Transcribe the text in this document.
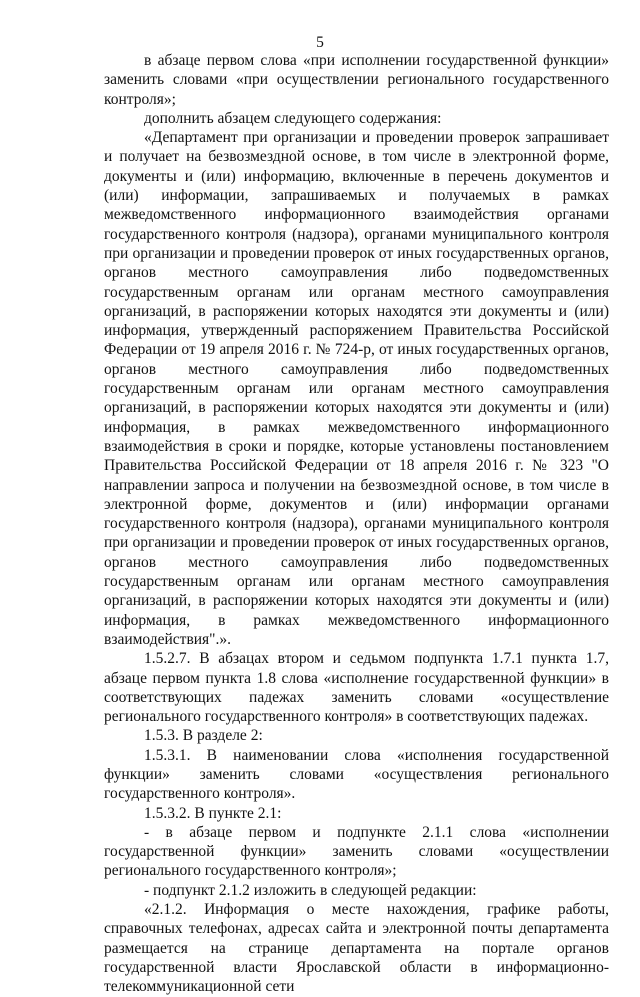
5

в абзаце первом слова «при исполнении государственной функции» заменить словами «при осуществлении регионального государственного контроля»;

дополнить абзацем следующего содержания:

«Департамент при организации и проведении проверок запрашивает и получает на безвозмездной основе, в том числе в электронной форме, документы и (или) информацию, включенные в перечень документов и (или) информации, запрашиваемых и получаемых в рамках межведомственного информационного взаимодействия органами государственного контроля (надзора), органами муниципального контроля при организации и проведении проверок от иных государственных органов, органов местного самоуправления либо подведомственных государственным органам или органам местного самоуправления организаций, в распоряжении которых находятся эти документы и (или) информация, утвержденный распоряжением Правительства Российской Федерации от 19 апреля 2016 г. № 724-р, от иных государственных органов, органов местного самоуправления либо подведомственных государственным органам или органам местного самоуправления организаций, в распоряжении которых находятся эти документы и (или) информация, в рамках межведомственного информационного взаимодействия в сроки и порядке, которые установлены постановлением Правительства Российской Федерации от 18 апреля 2016 г. № 323 "О направлении запроса и получении на безвозмездной основе, в том числе в электронной форме, документов и (или) информации органами государственного контроля (надзора), органами муниципального контроля при организации и проведении проверок от иных государственных органов, органов местного самоуправления либо подведомственных государственным органам или органам местного самоуправления организаций, в распоряжении которых находятся эти документы и (или) информация, в рамках межведомственного информационного взаимодействия".».

1.5.2.7. В абзацах втором и седьмом подпункта 1.7.1 пункта 1.7, абзаце первом пункта 1.8 слова «исполнение государственной функции» в соответствующих падежах заменить словами «осуществление регионального государственного контроля» в соответствующих падежах.

1.5.3. В разделе 2:

1.5.3.1. В наименовании слова «исполнения государственной функции» заменить словами «осуществления регионального государственного контроля».

1.5.3.2. В пункте 2.1:

- в абзаце первом и подпункте 2.1.1 слова «исполнении государственной функции» заменить словами «осуществлении регионального государственного контроля»;

- подпункт 2.1.2 изложить в следующей редакции:

«2.1.2. Информация о месте нахождения, графике работы, справочных телефонах, адресах сайта и электронной почты департамента размещается на странице департамента на портале органов государственной власти Ярославской области в информационно-телекоммуникационной сети
